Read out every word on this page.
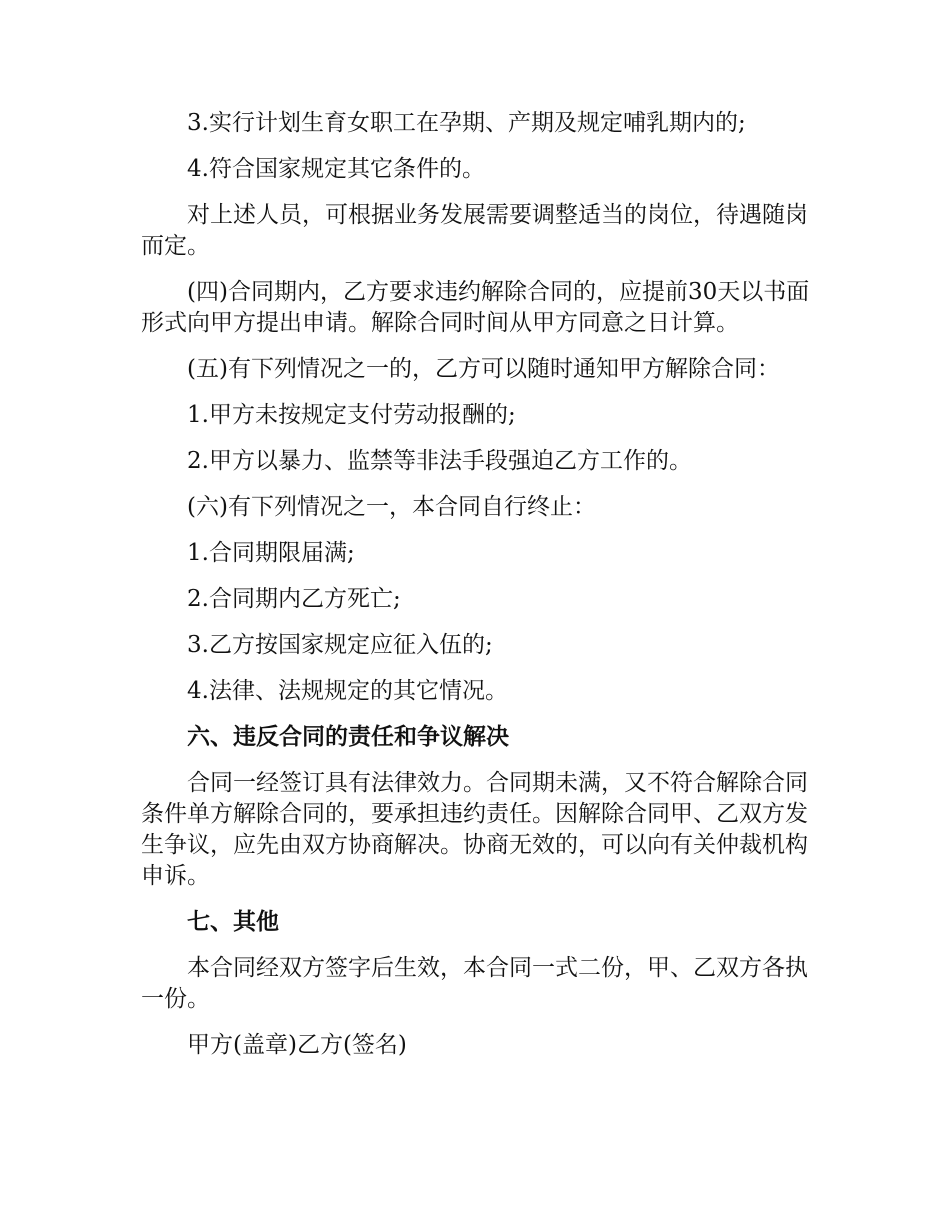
3.实行计划生育女职工在孕期、产期及规定哺乳期内的;

4.符合国家规定其它条件的。

对上述人员，可根据业务发展需要调整适当的岗位，待遇随岗而定。

(四)合同期内，乙方要求违约解除合同的，应提前30天以书面形式向甲方提出申请。解除合同时间从甲方同意之日计算。

(五)有下列情况之一的，乙方可以随时通知甲方解除合同：

1.甲方未按规定支付劳动报酬的;

2.甲方以暴力、监禁等非法手段强迫乙方工作的。

(六)有下列情况之一，本合同自行终止：

1.合同期限届满;

2.合同期内乙方死亡;

3.乙方按国家规定应征入伍的;

4.法律、法规规定的其它情况。

六、违反合同的责任和争议解决

合同一经签订具有法律效力。合同期未满，又不符合解除合同条件单方解除合同的，要承担违约责任。因解除合同甲、乙双方发生争议，应先由双方协商解决。协商无效的，可以向有关仲裁机构申诉。

七、其他

本合同经双方签字后生效，本合同一式二份，甲、乙双方各执一份。

甲方(盖章)乙方(签名)
